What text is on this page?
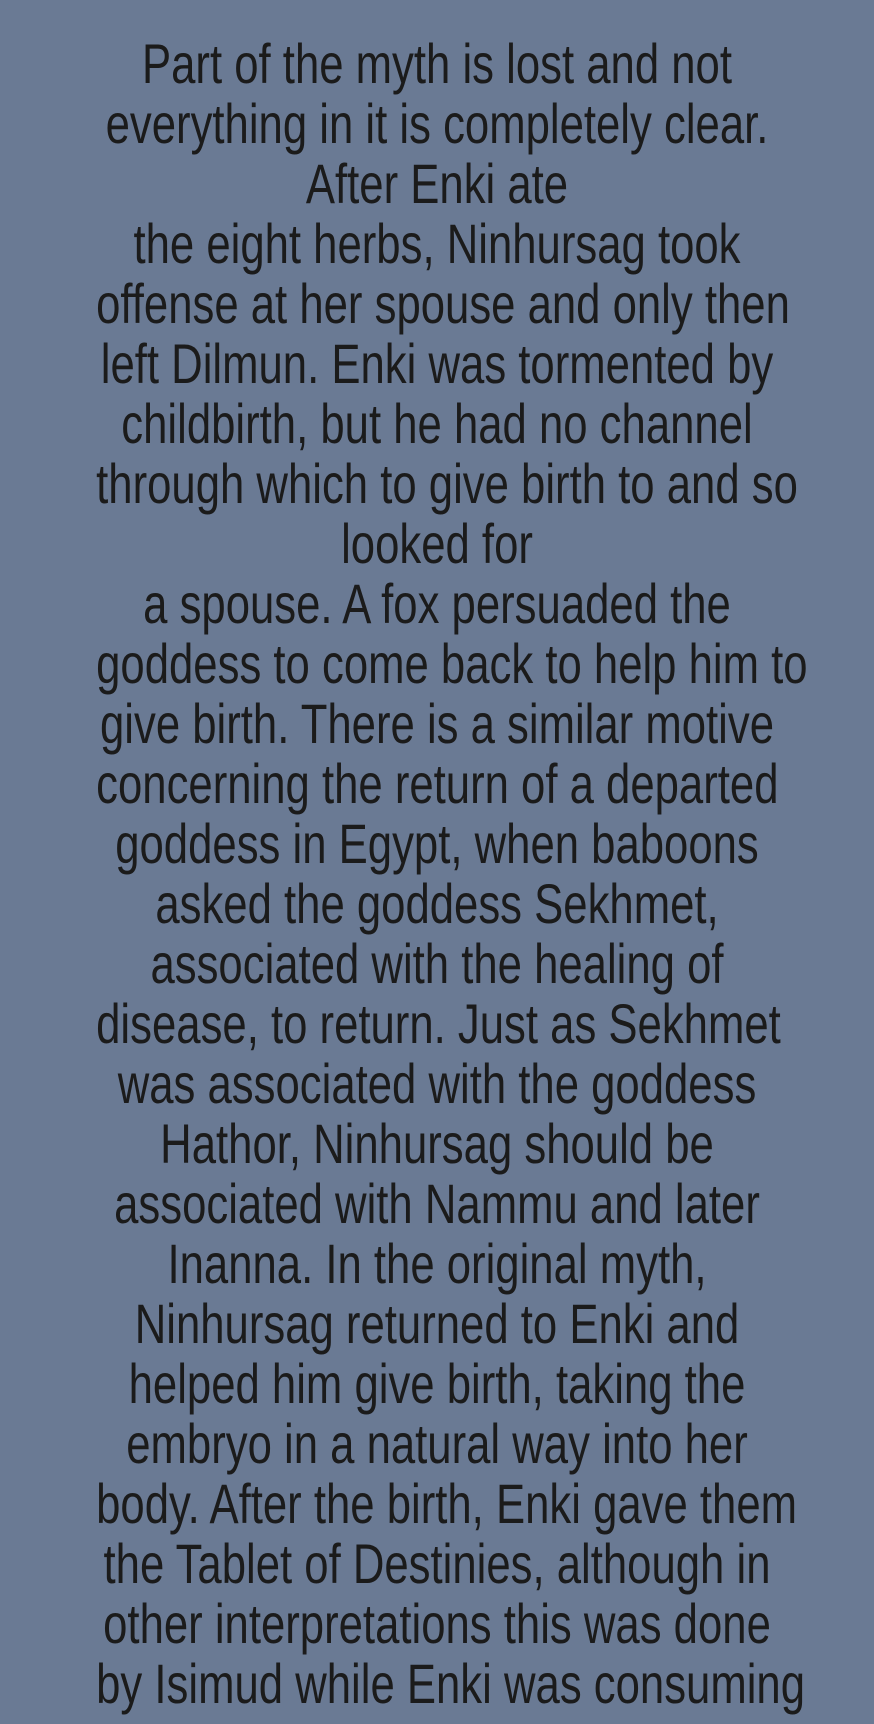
Part of the myth is lost and not
everything in it is completely clear.
After Enki ate
the eight herbs, Ninhursag took
offense at her spouse and only then
left Dilmun. Enki was tormented by
childbirth, but he had no channel
through which to give birth to and so
looked for
a spouse. A fox persuaded the
goddess to come back to help him to
give birth. There is a similar motive
concerning the return of a departed
goddess in Egypt, when baboons
asked the goddess Sekhmet,
associated with the healing of
disease, to return. Just as Sekhmet
was associated with the goddess
Hathor, Ninhursag should be
associated with Nammu and later
Inanna. In the original myth,
Ninhursag returned to Enki and
helped him give birth, taking the
embryo in a natural way into her
body. After the birth, Enki gave them
the Tablet of Destinies, although in
other interpretations this was done
by Isimud while Enki was consuming
